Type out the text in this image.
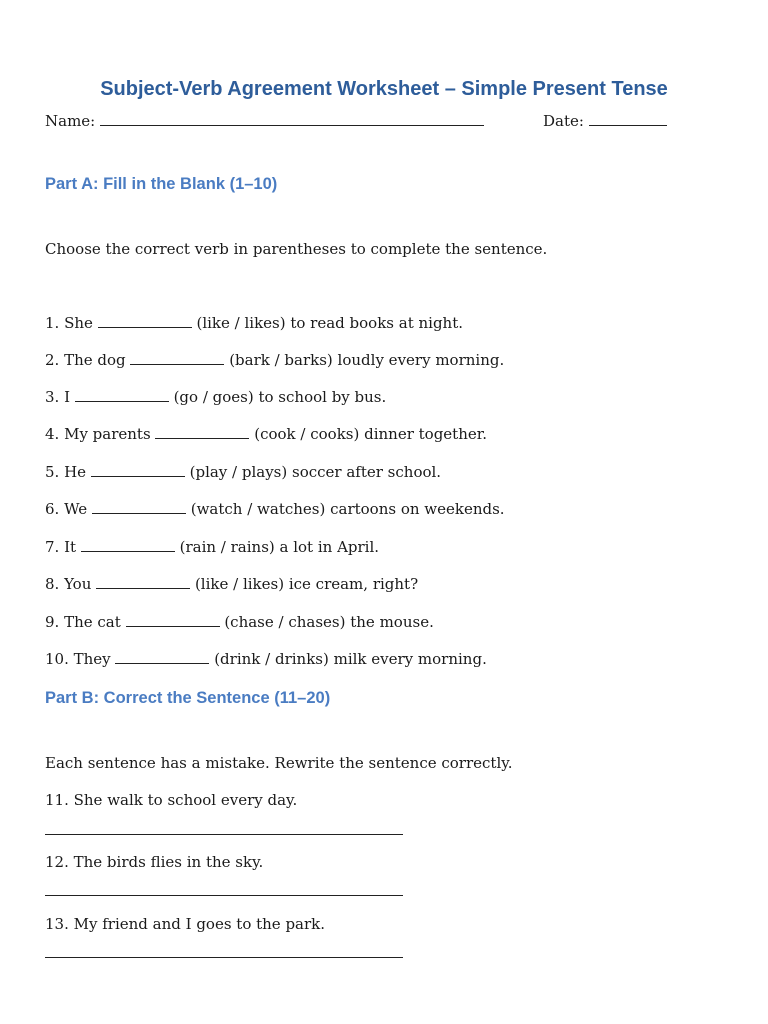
Subject-Verb Agreement Worksheet – Simple Present Tense
Name:	Date:
Part A: Fill in the Blank (1–10)
Choose the correct verb in parentheses to complete the sentence.
1. She	(like / likes) to read books at night.
2. The dog	(bark / barks) loudly every morning.
3. I	(go / goes) to school by bus.
4. My parents	(cook / cooks) dinner together.
5. He	(play / plays) soccer after school.
6. We	(watch / watches) cartoons on weekends.
7. It	(rain / rains) a lot in April.
8. You	(like / likes) ice cream, right?
9. The cat	(chase / chases) the mouse.
10. They	(drink / drinks) milk every morning.
Part B: Correct the Sentence (11–20)
Each sentence has a mistake. Rewrite the sentence correctly.
11. She walk to school every day.
12. The birds flies in the sky.
13. My friend and I goes to the park.
